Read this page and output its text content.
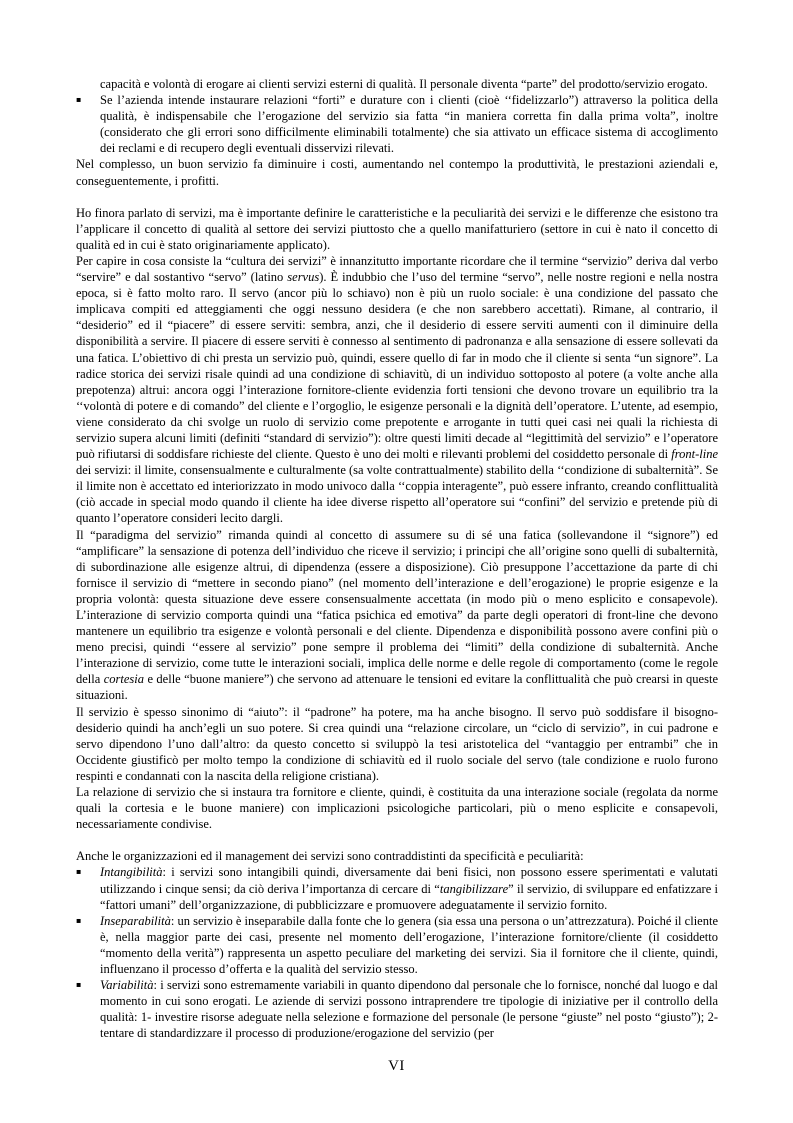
capacità e volontà di erogare ai clienti servizi esterni di qualità. Il personale diventa “parte” del prodotto/servizio erogato.

▪ Se l’azienda intende instaurare relazioni “forti” e durature con i clienti (cioè ‘‘fidelizzarlo”) attraverso la politica della qualità, è indispensabile che l’erogazione del servizio sia fatta “in maniera corretta fin dalla prima volta”, inoltre (considerato che gli errori sono difficilmente eliminabili totalmente) che sia attivato un efficace sistema di accoglimento dei reclami e di recupero degli eventuali disservizi rilevati.

Nel complesso, un buon servizio fa diminuire i costi, aumentando nel contempo la produttività, le prestazioni aziendali e, conseguentemente, i profitti.

Ho finora parlato di servizi, ma è importante definire le caratteristiche e la peculiarità dei servizi e le differenze che esistono tra l’applicare il concetto di qualità al settore dei servizi piuttosto che a quello manifatturiero (settore in cui è nato il concetto di qualità ed in cui è stato originariamente applicato).

Per capire in cosa consiste la “cultura dei servizi” è innanzitutto importante ricordare che il termine “servizio” deriva dal verbo “servire” e dal sostantivo “servo” (latino servus). È indubbio che l’uso del termine “servo”, nelle nostre regioni e nella nostra epoca, si è fatto molto raro. Il servo (ancor più lo schiavo) non è più un ruolo sociale: è una condizione del passato che implicava compiti ed atteggiamenti che oggi nessuno desidera (e che non sarebbero accettati). Rimane, al contrario, il “desiderio” ed il “piacere” di essere serviti: sembra, anzi, che il desiderio di essere serviti aumenti con il diminuire della disponibilità a servire. Il piacere di essere serviti è connesso al sentimento di padronanza e alla sensazione di essere sollevati da una fatica. L’obiettivo di chi presta un servizio può, quindi, essere quello di far in modo che il cliente si senta “un signore”. La radice storica dei servizi risale quindi ad una condizione di schiavitù, di un individuo sottoposto al potere (a volte anche alla prepotenza) altrui: ancora oggi l’interazione fornitore-cliente evidenzia forti tensioni che devono trovare un equilibrio tra la ‘‘volontà di potere e di comando” del cliente e l’orgoglio, le esigenze personali e la dignità dell’operatore. L’utente, ad esempio, viene considerato da chi svolge un ruolo di servizio come prepotente e arrogante in tutti quei casi nei quali la richiesta di servizio supera alcuni limiti (definiti “standard di servizio”): oltre questi limiti decade al “legittimità del servizio” e l’operatore può rifiutarsi di soddisfare richieste del cliente. Questo è uno dei molti e rilevanti problemi del cosiddetto personale di front-line dei servizi: il limite, consensualmente e culturalmente (sa volte contrattualmente) stabilito della ‘‘condizione di subalternità”. Se il limite non è accettato ed interiorizzato in modo univoco dalla ‘‘coppia interagente”, può essere infranto, creando conflittualità (ciò accade in special modo quando il cliente ha idee diverse rispetto all’operatore sui “confini” del servizio e pretende più di quanto l’operatore consideri lecito dargli.

Il “paradigma del servizio” rimanda quindi al concetto di assumere su di sé una fatica (sollevandone il “signore”) ed “amplificare” la sensazione di potenza dell’individuo che riceve il servizio; i principi che all’origine sono quelli di subalternità, di subordinazione alle esigenze altrui, di dipendenza (essere a disposizione). Ciò presuppone l’accettazione da parte di chi fornisce il servizio di “mettere in secondo piano” (nel momento dell’interazione e dell’erogazione) le proprie esigenze e la propria volontà: questa situazione deve essere consensualmente accettata (in modo più o meno esplicito e consapevole). L’interazione di servizio comporta quindi una “fatica psichica ed emotiva” da parte degli operatori di front-line che devono mantenere un equilibrio tra esigenze e volontà personali e del cliente. Dipendenza e disponibilità possono avere confini più o meno precisi, quindi ‘‘essere al servizio” pone sempre il problema dei “limiti” della condizione di subalternità. Anche l’interazione di servizio, come tutte le interazioni sociali, implica delle norme e delle regole di comportamento (come le regole della cortesia e delle “buone maniere”) che servono ad attenuare le tensioni ed evitare la conflittualità che può crearsi in queste situazioni.

Il servizio è spesso sinonimo di “aiuto”: il “padrone” ha potere, ma ha anche bisogno. Il servo può soddisfare il bisogno-desiderio quindi ha anch’egli un suo potere. Si crea quindi una “relazione circolare, un “ciclo di servizio”, in cui padrone e servo dipendono l’uno dall’altro: da questo concetto si sviluppò la tesi aristotelica del “vantaggio per entrambi” che in Occidente giustificò per molto tempo la condizione di schiavitù ed il ruolo sociale del servo (tale condizione e ruolo furono respinti e condannati con la nascita della religione cristiana).

La relazione di servizio che si instaura tra fornitore e cliente, quindi, è costituita da una interazione sociale (regolata da norme quali la cortesia e le buone maniere) con implicazioni psicologiche particolari, più o meno esplicite e consapevoli, necessariamente condivise.

Anche le organizzazioni ed il management dei servizi sono contraddistinti da specificità e peculiarità:

▪ Intangibilità: i servizi sono intangibili quindi, diversamente dai beni fisici, non possono essere sperimentati e valutati utilizzando i cinque sensi; da ciò deriva l’importanza di cercare di “tangibilizzare” il servizio, di sviluppare ed enfatizzare i “fattori umani” dell’organizzazione, di pubblicizzare e promuovere adeguatamente il servizio fornito.
▪ Inseparabilità: un servizio è inseparabile dalla fonte che lo genera (sia essa una persona o un’attrezzatura). Poiché il cliente è, nella maggior parte dei casi, presente nel momento dell’erogazione, l’interazione fornitore/cliente (il cosiddetto “momento della verità”) rappresenta un aspetto peculiare del marketing dei servizi. Sia il fornitore che il cliente, quindi, influenzano il processo d’offerta e la qualità del servizio stesso.
▪ Variabilità: i servizi sono estremamente variabili in quanto dipendono dal personale che lo fornisce, nonché dal luogo e dal momento in cui sono erogati. Le aziende di servizi possono intraprendere tre tipologie di iniziative per il controllo della qualità: 1- investire risorse adeguate nella selezione e formazione del personale (le persone “giuste” nel posto “giusto”); 2- tentare di standardizzare il processo di produzione/erogazione del servizio (per
VI
